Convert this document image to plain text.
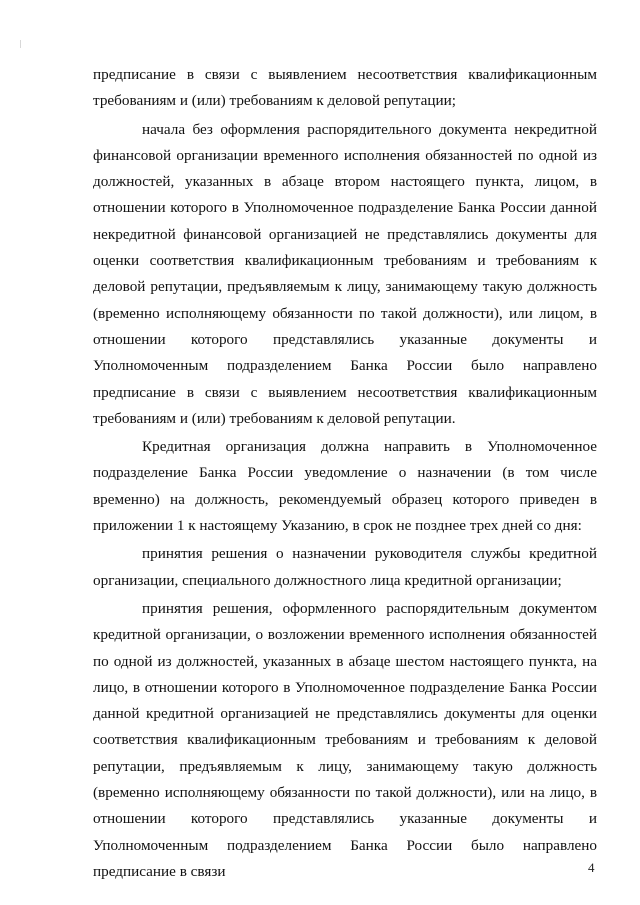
предписание в связи с выявлением несоответствия квалификационным требованиям и (или) требованиям к деловой репутации;

начала без оформления распорядительного документа некредитной финансовой организации временного исполнения обязанностей по одной из должностей, указанных в абзаце втором настоящего пункта, лицом, в отношении которого в Уполномоченное подразделение Банка России данной некредитной финансовой организацией не представлялись документы для оценки соответствия квалификационным требованиям и требованиям к деловой репутации, предъявляемым к лицу, занимающему такую должность (временно исполняющему обязанности по такой должности), или лицом, в отношении которого представлялись указанные документы и Уполномоченным подразделением Банка России было направлено предписание в связи с выявлением несоответствия квалификационным требованиям и (или) требованиям к деловой репутации.

Кредитная организация должна направить в Уполномоченное подразделение Банка России уведомление о назначении (в том числе временно) на должность, рекомендуемый образец которого приведен в приложении 1 к настоящему Указанию, в срок не позднее трех дней со дня:

принятия решения о назначении руководителя службы кредитной организации, специального должностного лица кредитной организации;

принятия решения, оформленного распорядительным документом кредитной организации, о возложении временного исполнения обязанностей по одной из должностей, указанных в абзаце шестом настоящего пункта, на лицо, в отношении которого в Уполномоченное подразделение Банка России данной кредитной организацией не представлялись документы для оценки соответствия квалификационным требованиям и требованиям к деловой репутации, предъявляемым к лицу, занимающему такую должность (временно исполняющему обязанности по такой должности), или на лицо, в отношении которого представлялись указанные документы и Уполномоченным подразделением Банка России было направлено предписание в связи	4
